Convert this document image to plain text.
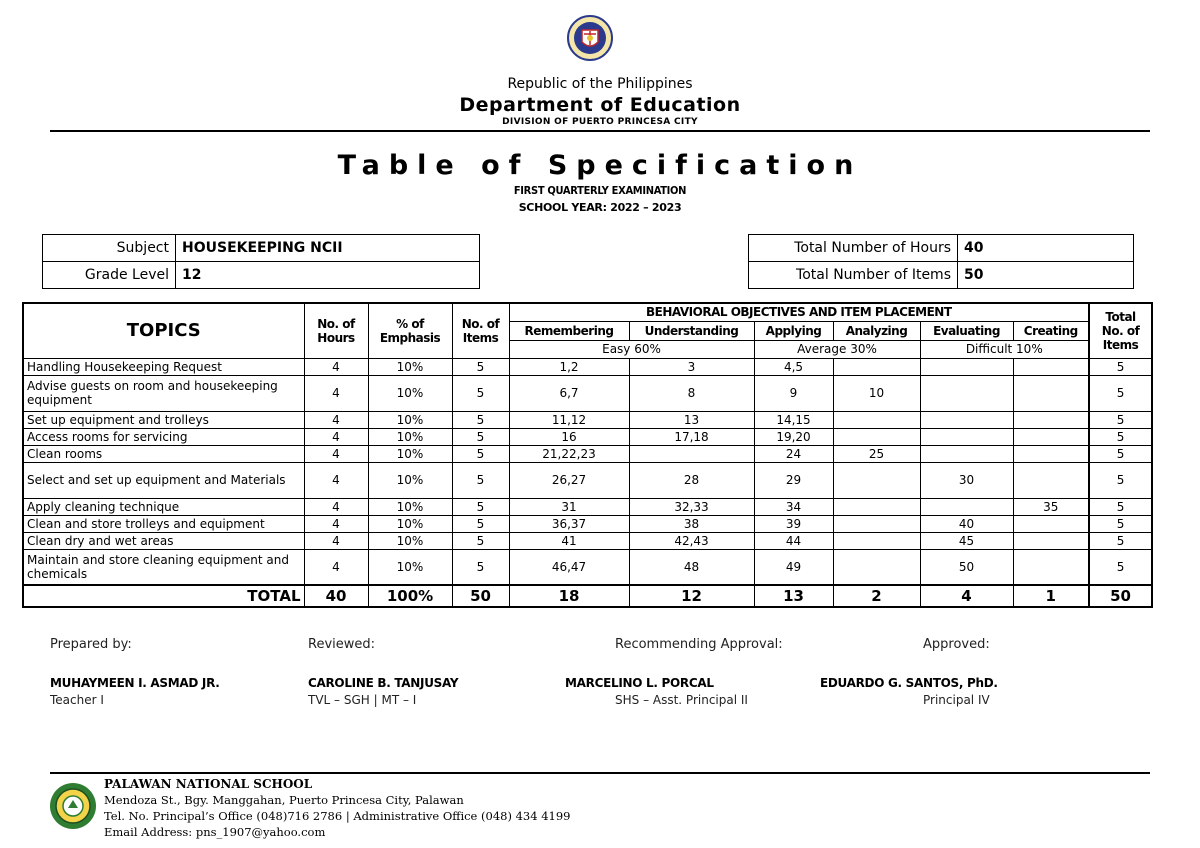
Republic of the Philippines
Department of Education
DIVISION OF PUERTO PRINCESA CITY
Table of Specification
FIRST QUARTERLY EXAMINATION
SCHOOL YEAR: 2022 – 2023
Subject	HOUSEKEEPING NCII
Grade Level	12
Total Number of Hours	40
Total Number of Items	50
TOPICS	No. of Hours	% of Emphasis	No. of Items	BEHAVIORAL OBJECTIVES AND ITEM PLACEMENT						Total No. of Items
				Remembering	Understanding	Applying	Analyzing	Evaluating	Creating	
				Easy 60%		Average 30%		Difficult 10%		
Handling Housekeeping Request	4	10%	5	1,2	3	4,5				5
Advise guests on room and housekeeping equipment	4	10%	5	6,7	8	9	10			5
Set up equipment and trolleys	4	10%	5	11,12	13	14,15				5
Access rooms for servicing	4	10%	5	16	17,18	19,20				5
Clean rooms	4	10%	5	21,22,23		24	25			5
Select and set up equipment and Materials	4	10%	5	26,27	28	29		30		5
Apply cleaning technique	4	10%	5	31	32,33	34			35	5
Clean and store trolleys and equipment	4	10%	5	36,37	38	39		40		5
Clean dry and wet areas	4	10%	5	41	42,43	44		45		5
Maintain and store cleaning equipment and chemicals	4	10%	5	46,47	48	49		50		5
TOTAL	40	100%	50	18	12	13	2	4	1	50
Prepared by:
MUHAYMEEN I. ASMAD JR.
Teacher I
Reviewed:
CAROLINE B. TANJUSAY
TVL – SGH | MT – I
Recommending Approval:
MARCELINO L. PORCAL
SHS – Asst. Principal II
Approved:
EDUARDO G. SANTOS, PhD.
Principal IV
PALAWAN NATIONAL SCHOOL
Mendoza St., Bgy. Manggahan, Puerto Princesa City, Palawan
Tel. No. Principal’s Office (048)716 2786 | Administrative Office (048) 434 4199
Email Address: pns_1907@yahoo.com
